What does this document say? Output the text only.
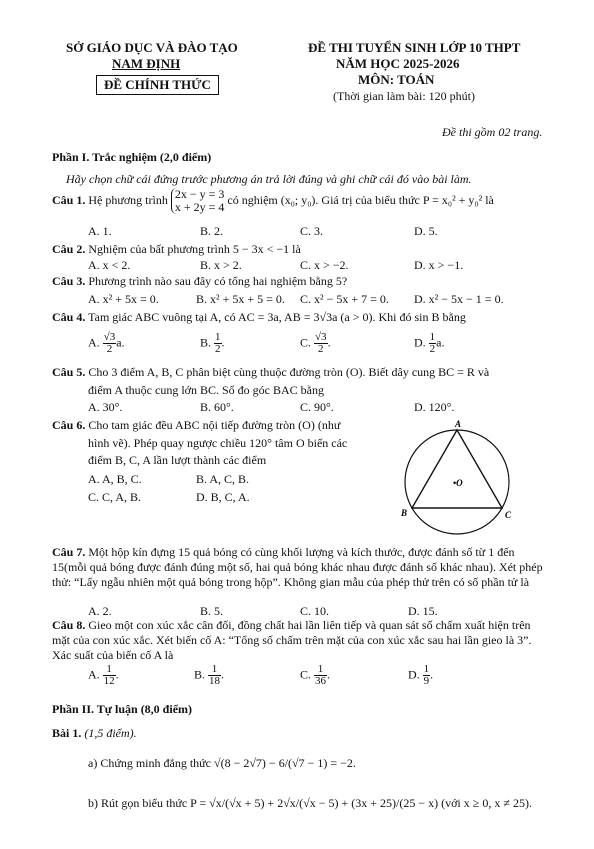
SỞ GIÁO DỤC VÀ ĐÀO TẠO
NAM ĐỊNH
ĐỀ CHÍNH THỨC
ĐỀ THI TUYỂN SINH LỚP 10 THPT
NĂM HỌC 2025-2026
MÔN: TOÁN
(Thời gian làm bài: 120 phút)
Đề thi gồm 02 trang.
Phần I. Trắc nghiệm (2,0 điểm)
Hãy chọn chữ cái đứng trước phương án trả lời đúng và ghi chữ cái đó vào bài làm.
Câu 1. Hệ phương trình 2x − y = 3
x + 2y = 4
có nghiệm (x₀; y₀). Giá trị của biểu thức P = x₀² + y₀² là
A. 1.	B. 2.	C. 3.	D. 5.
Câu 2. Nghiệm của bất phương trình 5 − 3x < −1 là
A. x < 2.	B. x > 2.	C. x > −2.	D. x > −1.
Câu 3. Phương trình nào sau đây có tổng hai nghiệm bằng 5?
A. x² + 5x = 0.	B. x² + 5x + 5 = 0. C. x² − 5x + 7 = 0. D. x² − 5x − 1 = 0.
Câu 4. Tam giác ABC vuông tại A, có AC = 3a, AB = 3√3a (a > 0). Khi đó sin B bằng
A. $\frac{√3}{2} a$.	B. $\frac{1}{2}$ .	C. $\frac{√3}{2}$ .	D. $\frac{1}{2} a$.
Câu 5. Cho 3 điểm A, B, C phân biệt cùng thuộc đường tròn (O). Biết dây cung BC = R và
điểm A thuộc cung lớn BC. Số đo góc BAC bằng
A. 30°.	B. 60°.	C. 90°.	D. 120°.
Câu 6. Cho tam giác đều ABC nội tiếp đường tròn (O) (như
hình vẽ). Phép quay ngược chiều 120° tâm O biến các
điểm B, C, A lần lượt thành các điểm
A. A, B, C.	B. A, C, B.
C. C, A, B.	D. B, C, A.
A
B	C
•O
Câu 7. Một hộp kín đựng 15 quả bóng có cùng khối lượng và kích thước, được đánh số từ 1 đến 15(mỗi quả bóng được đánh đúng một số, hai quả bóng khác nhau được đánh số khác nhau). Xét phép thử: “Lấy ngẫu nhiên một quả bóng trong hộp”. Không gian mẫu của phép thử trên có số phần tử là
A. 2.	B. 5.	C. 10.	D. 15.
Câu 8. Gieo một con xúc xắc cân đối, đồng chất hai lần liên tiếp và quan sát số chấm xuất hiện trên mặt của con xúc xắc. Xét biến cố A: “Tổng số chấm trên mặt của con xúc xắc sau hai lần gieo là 3”. Xác suất của biến cố A là
A. $\frac{1}{12}$ .	B. $\frac{1}{18}$ .	C. $\frac{1}{36}$ .	D. $\frac{1}{9}$ .
Phần II. Tự luận (8,0 điểm)
Bài 1. (1,5 điểm).
a) Chứng minh đẳng thức √(8 − 2√7) − 6/(√7 − 1) = −2.
b) Rút gọn biểu thức P = √x/(√x + 5) + 2√x/(√x − 5) + (3x + 25)/(25 − x) (với x ≥ 0, x ≠ 25).
